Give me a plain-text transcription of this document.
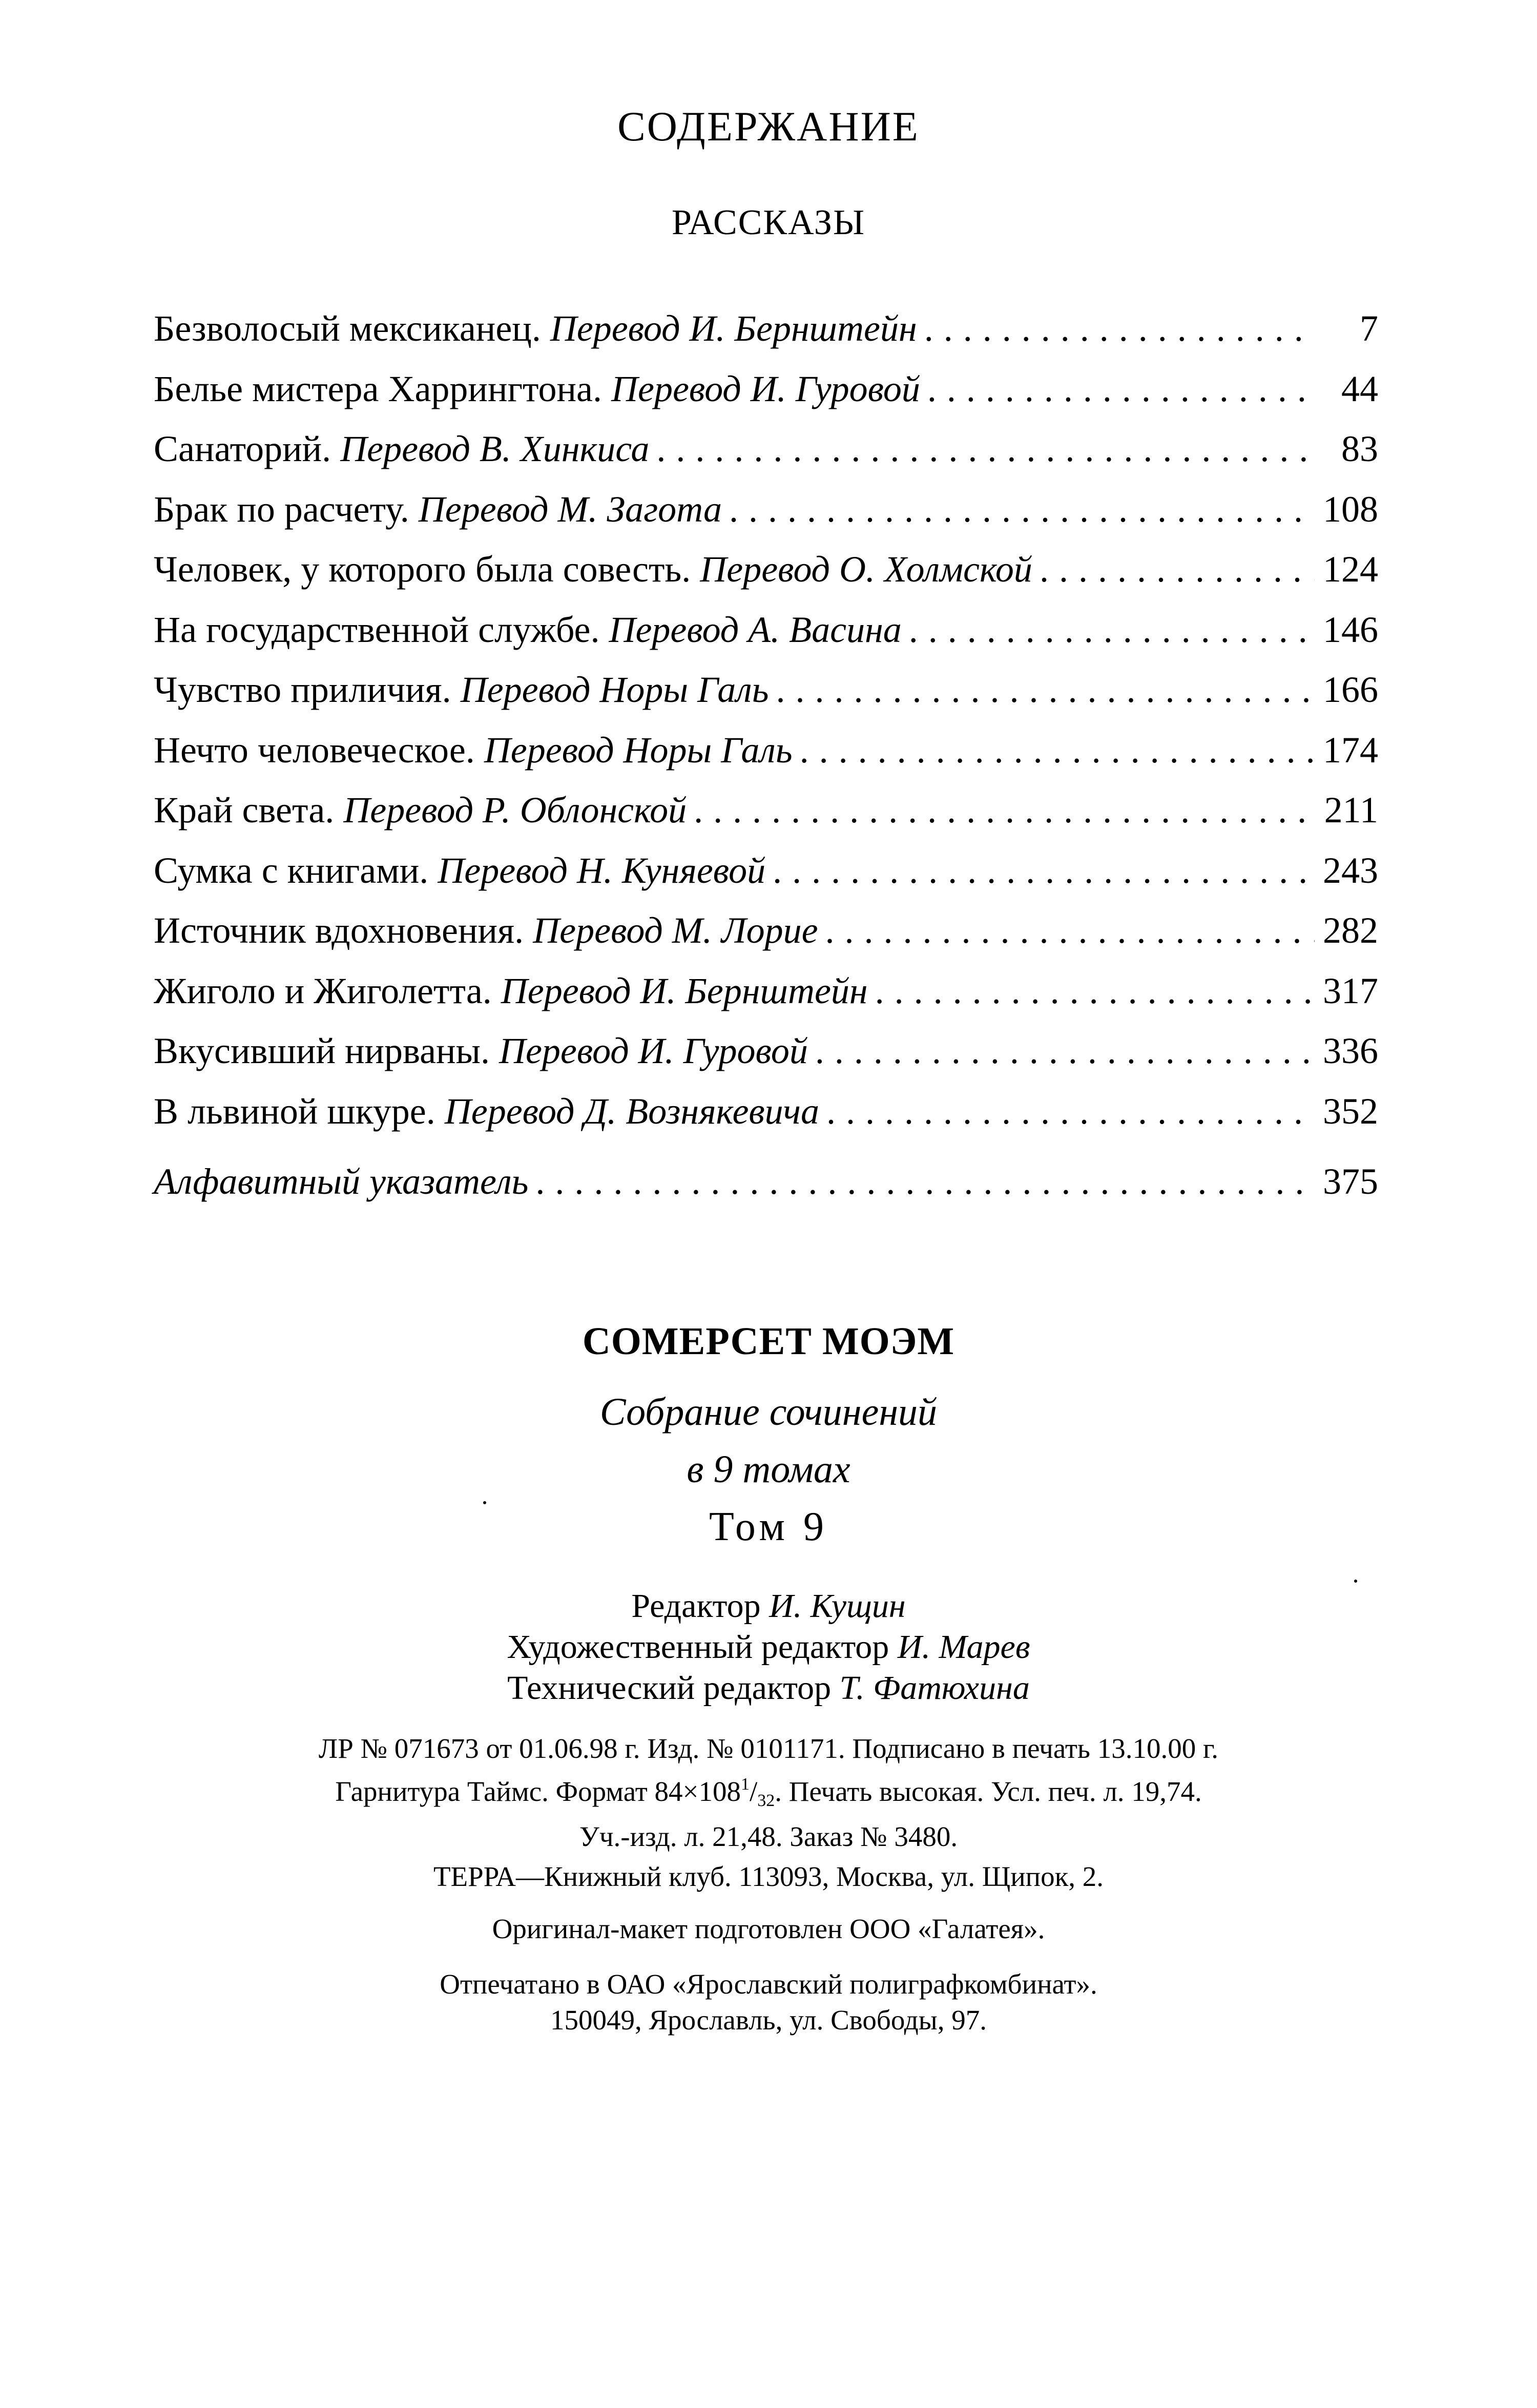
СОДЕРЖАНИЕ
РАССКАЗЫ
Безволосый мексиканец. Перевод И. Бернштейн . . .	7
Белье мистера Харрингтона. Перевод И. Гуровой . . .	44
Санаторий. Перевод В. Хинкиса . . .	83
Брак по расчету. Перевод М. Загота . . .	108
Человек, у которого была совесть. Перевод О. Холмской . . .	124
На государственной службе. Перевод А. Васина . . .	146
Чувство приличия. Перевод Норы Галь . . .	166
Нечто человеческое. Перевод Норы Галь . . .	174
Край света. Перевод Р. Облонской . . .	211
Сумка с книгами. Перевод Н. Куняевой . . .	243
Источник вдохновения. Перевод М. Лорие . . .	282
Жиголо и Жиголетта. Перевод И. Бернштейн . . .	317
Вкусивший нирваны. Перевод И. Гуровой . . .	336
В львиной шкуре. Перевод Д. Вознякевича . . .	352
Алфавитный указатель . . .	375
СОМЕРСЕТ МОЭМ
Собрание сочинений
в 9 томах
Том 9
Редактор И. Кущин
Художественный редактор И. Марев
Технический редактор Т. Фатюхина
ЛР № 071673 от 01.06.98 г. Изд. № 0101171. Подписано в печать 13.10.00 г.
Гарнитура Таймс. Формат $84\times 108^1/_{32}$. Печать высокая. Усл. печ. л. 19,74.
Уч.-изд. л. 21,48. Заказ № 3480.
ТЕРРА—Книжный клуб. 113093, Москва, ул. Щипок, 2.
Оригинал-макет подготовлен ООО «Галатея».
Отпечатано в ОАО «Ярославский полиграфкомбинат».
150049, Ярославль, ул. Свободы, 97.
